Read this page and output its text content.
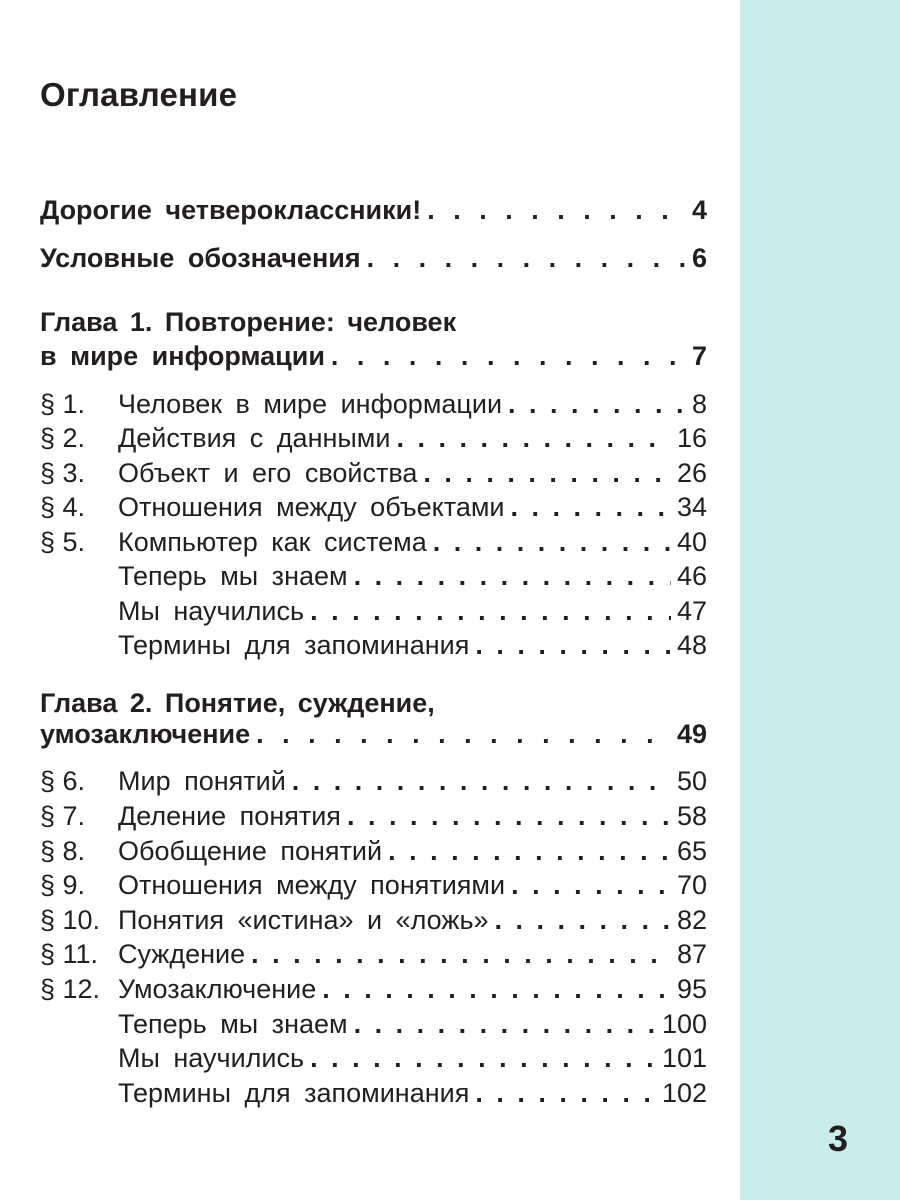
Оглавление
Дорогие четвероклассники! . . .	4
Условные обозначения . . .	6
Глава 1. Повторение: человек
в мире информации . . .	7
§ 1.	Человек в мире информации . . .	8
§ 2.	Действия с данными . . .	16
§ 3.	Объект и его свойства . . .	26
§ 4.	Отношения между объектами . . .	34
§ 5.	Компьютер как система . . .	40
Теперь мы знаем . . .	46
Мы научились . . .	47
Термины для запоминания . . .	48
Глава 2. Понятие, суждение,
умозаключение . . .	49
§ 6.	Мир понятий . . .	50
§ 7.	Деление понятия . . .	58
§ 8.	Обобщение понятий . . .	65
§ 9.	Отношения между понятиями . . .	70
§ 10. Понятия «истина» и «ложь» . . .	82
§ 11. Суждение . . .	87
§ 12. Умозаключение . . .	95
Теперь мы знаем . . .	100
Мы научились . . .	101
Термины для запоминания . . .	102
3
